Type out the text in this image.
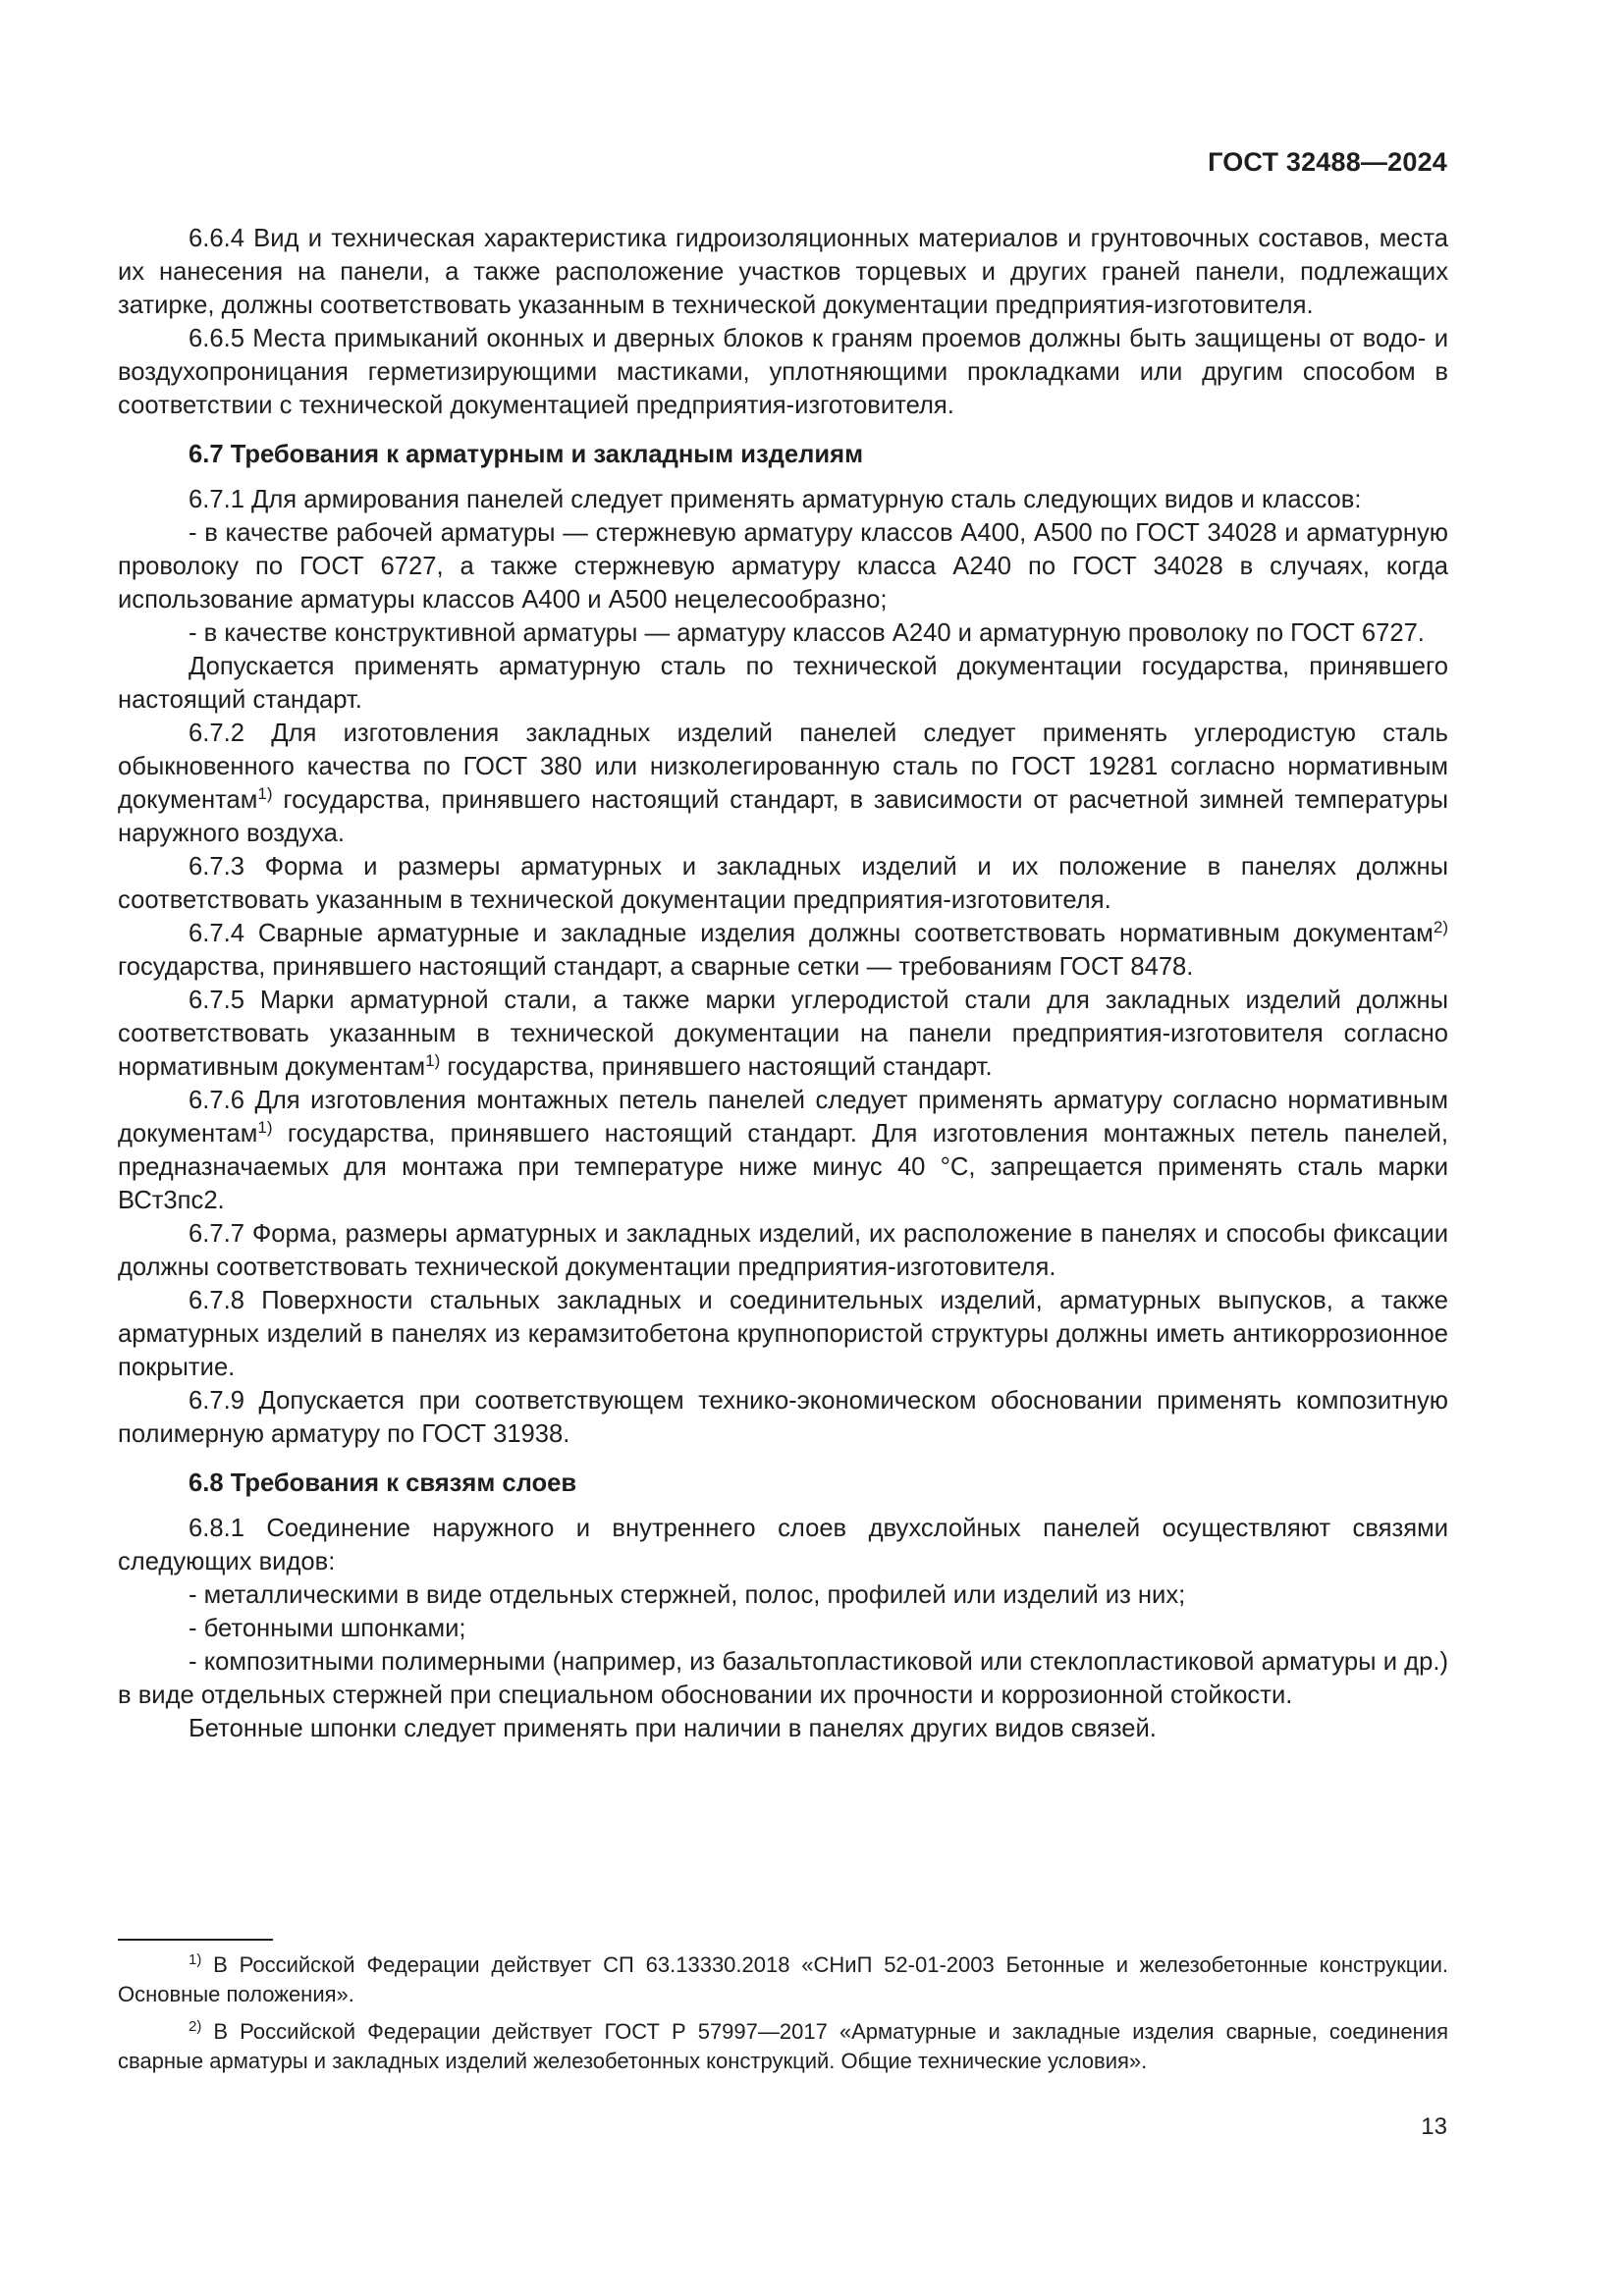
ГОСТ 32488—2024

6.6.4 Вид и техническая характеристика гидроизоляционных материалов и грунтовочных составов, места их нанесения на панели, а также расположение участков торцевых и других граней панели, подлежащих затирке, должны соответствовать указанным в технической документации предприятия-изготовителя.

6.6.5 Места примыканий оконных и дверных блоков к граням проемов должны быть защищены от водо- и воздухопроницания герметизирующими мастиками, уплотняющими прокладками или другим способом в соответствии с технической документацией предприятия-изготовителя.

6.7 Требования к арматурным и закладным изделиям

6.7.1 Для армирования панелей следует применять арматурную сталь следующих видов и классов:

- в качестве рабочей арматуры — стержневую арматуру классов А400, А500 по ГОСТ 34028 и арматурную проволоку по ГОСТ 6727, а также стержневую арматуру класса А240 по ГОСТ 34028 в случаях, когда использование арматуры классов А400 и А500 нецелесообразно;

- в качестве конструктивной арматуры — арматуру классов А240 и арматурную проволоку по ГОСТ 6727.

Допускается применять арматурную сталь по технической документации государства, принявшего настоящий стандарт.

6.7.2 Для изготовления закладных изделий панелей следует применять углеродистую сталь обыкновенного качества по ГОСТ 380 или низколегированную сталь по ГОСТ 19281 согласно нормативным документам$^{1)}$ государства, принявшего настоящий стандарт, в зависимости от расчетной зимней температуры наружного воздуха.

6.7.3 Форма и размеры арматурных и закладных изделий и их положение в панелях должны соответствовать указанным в технической документации предприятия-изготовителя.

6.7.4 Сварные арматурные и закладные изделия должны соответствовать нормативным документам$^{2)}$ государства, принявшего настоящий стандарт, а сварные сетки — требованиям ГОСТ 8478.

6.7.5 Марки арматурной стали, а также марки углеродистой стали для закладных изделий должны соответствовать указанным в технической документации на панели предприятия-изготовителя согласно нормативным документам$^{1)}$ государства, принявшего настоящий стандарт.

6.7.6 Для изготовления монтажных петель панелей следует применять арматуру согласно нормативным документам$^{1)}$ государства, принявшего настоящий стандарт. Для изготовления монтажных петель панелей, предназначаемых для монтажа при температуре ниже минус 40 °С, запрещается применять сталь марки ВСт3пс2.

6.7.7 Форма, размеры арматурных и закладных изделий, их расположение в панелях и способы фиксации должны соответствовать технической документации предприятия-изготовителя.

6.7.8 Поверхности стальных закладных и соединительных изделий, арматурных выпусков, а также арматурных изделий в панелях из керамзитобетона крупнопористой структуры должны иметь антикоррозионное покрытие.

6.7.9 Допускается при соответствующем технико-экономическом обосновании применять композитную полимерную арматуру по ГОСТ 31938.

6.8 Требования к связям слоев

6.8.1 Соединение наружного и внутреннего слоев двухслойных панелей осуществляют связями следующих видов:

- металлическими в виде отдельных стержней, полос, профилей или изделий из них;

- бетонными шпонками;

- композитными полимерными (например, из базальтопластиковой или стеклопластиковой арматуры и др.) в виде отдельных стержней при специальном обосновании их прочности и коррозионной стойкости.

Бетонные шпонки следует применять при наличии в панелях других видов связей.

$^{1)}$ В Российской Федерации действует СП 63.13330.2018 «СНиП 52-01-2003 Бетонные и железобетонные конструкции. Основные положения».

$^{2)}$ В Российской Федерации действует ГОСТ Р 57997—2017 «Арматурные и закладные изделия сварные, соединения сварные арматуры и закладных изделий железобетонных конструкций. Общие технические условия».

13
